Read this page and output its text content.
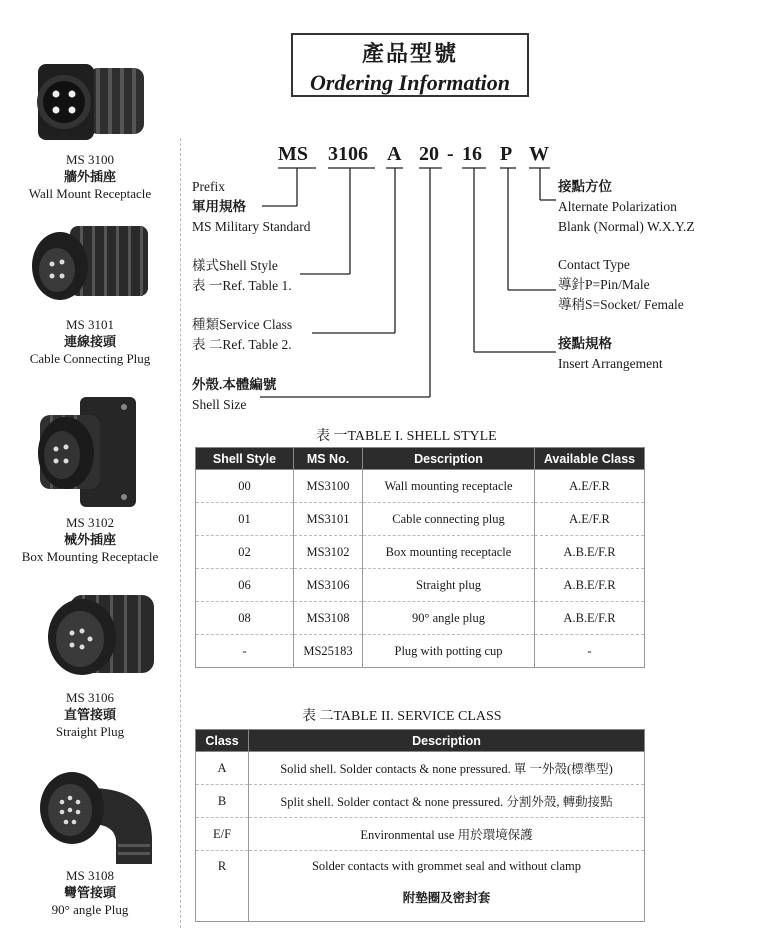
產品型號
Ordering Information
MS 3100
牆外插座
Wall Mount Receptacle
MS 3101
連線接頭
Cable Connecting Plug
MS 3102
械外插座
Box Mounting Receptacle
MS 3106
直管接頭
Straight Plug
MS 3108
彎管接頭
90° angle Plug
MS 3106 A 20 - 16 P W
Prefix
軍用規格
MS Military Standard
樣式Shell Style
表 一Ref. Table 1.
種類Service Class
表 二Ref. Table 2.
外殼.本體編號
Shell Size
接點方位
Alternate Polarization
Blank (Normal) W.X.Y.Z
Contact Type
導針P=Pin/Male
導稍S=Socket/ Female
接點規格
Insert Arrangement
表 一TABLE I. SHELL STYLE
Shell Style	MS No.	Description	Available Class
00	MS3100	Wall mounting receptacle	A.E/F.R
01	MS3101	Cable connecting plug	A.E/F.R
02	MS3102	Box mounting receptacle	A.B.E/F.R
06	MS3106	Straight plug	A.B.E/F.R
08	MS3108	90° angle plug	A.B.E/F.R
-	MS25183	Plug with potting cup	-
表 二TABLE II. SERVICE CLASS
Class	Description
A	Solid shell. Solder contacts & none pressured. 單 一外殼(標準型)
B	Split shell. Solder contact & none pressured. 分割外殼, 轉動接點
E/F	Environmental use 用於環境保護
R	Solder contacts with grommet seal and without clamp
附墊圈及密封套
